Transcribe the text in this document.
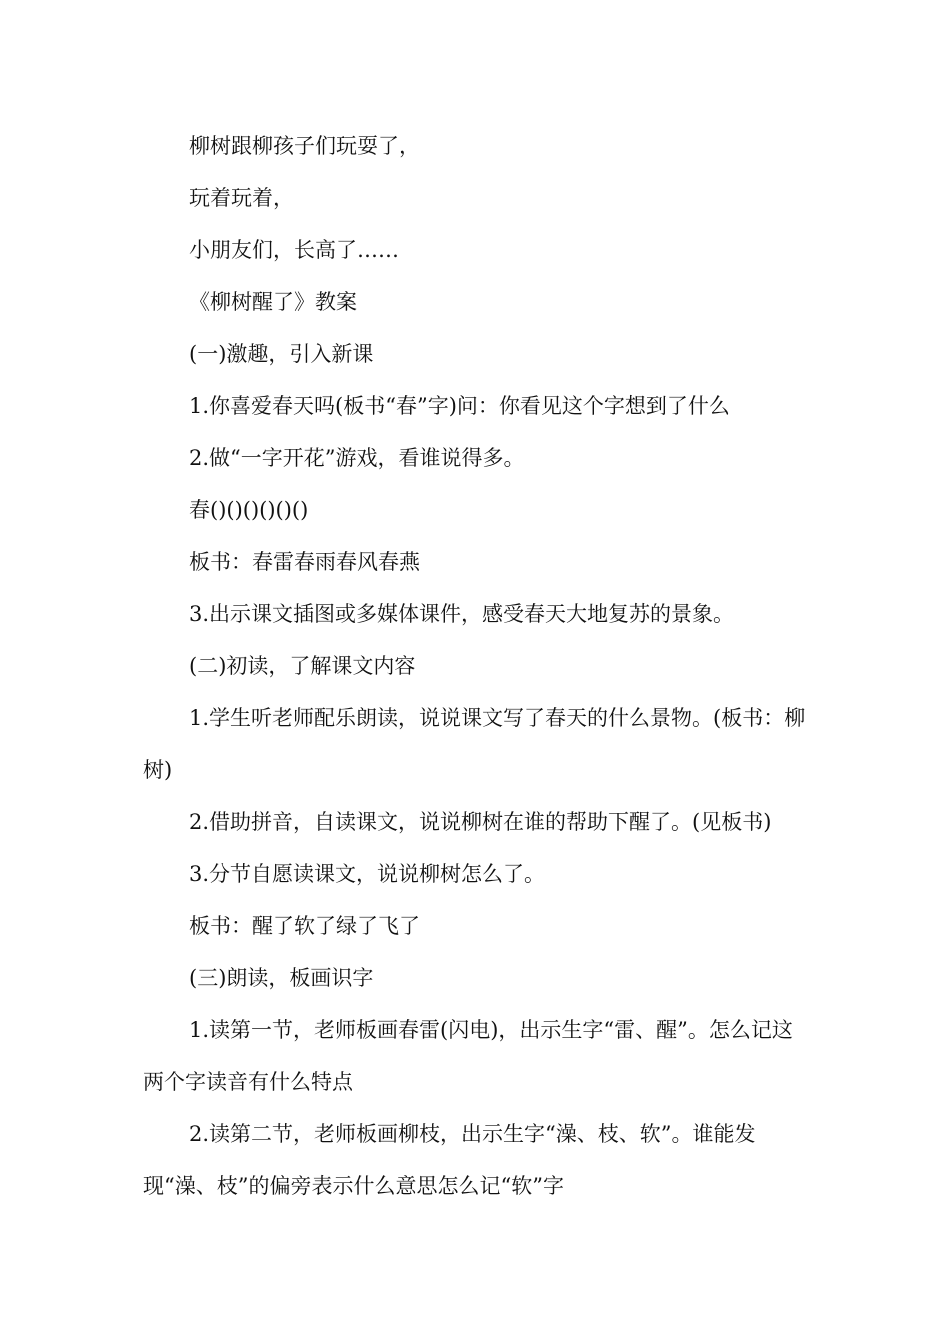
柳树跟柳孩子们玩耍了，

玩着玩着，

小朋友们，长高了……

《柳树醒了》教案

(一)激趣，引入新课

1.你喜爱春天吗(板书“春”字)问：你看见这个字想到了什么

2.做“一字开花”游戏，看谁说得多。

春()()()()()()

板书：春雷春雨春风春燕

3.出示课文插图或多媒体课件，感受春天大地复苏的景象。

(二)初读，了解课文内容

1.学生听老师配乐朗读，说说课文写了春天的什么景物。(板书：柳树)

2.借助拼音，自读课文，说说柳树在谁的帮助下醒了。(见板书)

3.分节自愿读课文，说说柳树怎么了。

板书：醒了软了绿了飞了

(三)朗读，板画识字

1.读第一节，老师板画春雷(闪电)，出示生字“雷、醒”。怎么记这两个字读音有什么特点

2.读第二节，老师板画柳枝，出示生字“澡、枝、软”。谁能发现“澡、枝”的偏旁表示什么意思怎么记“软”字
